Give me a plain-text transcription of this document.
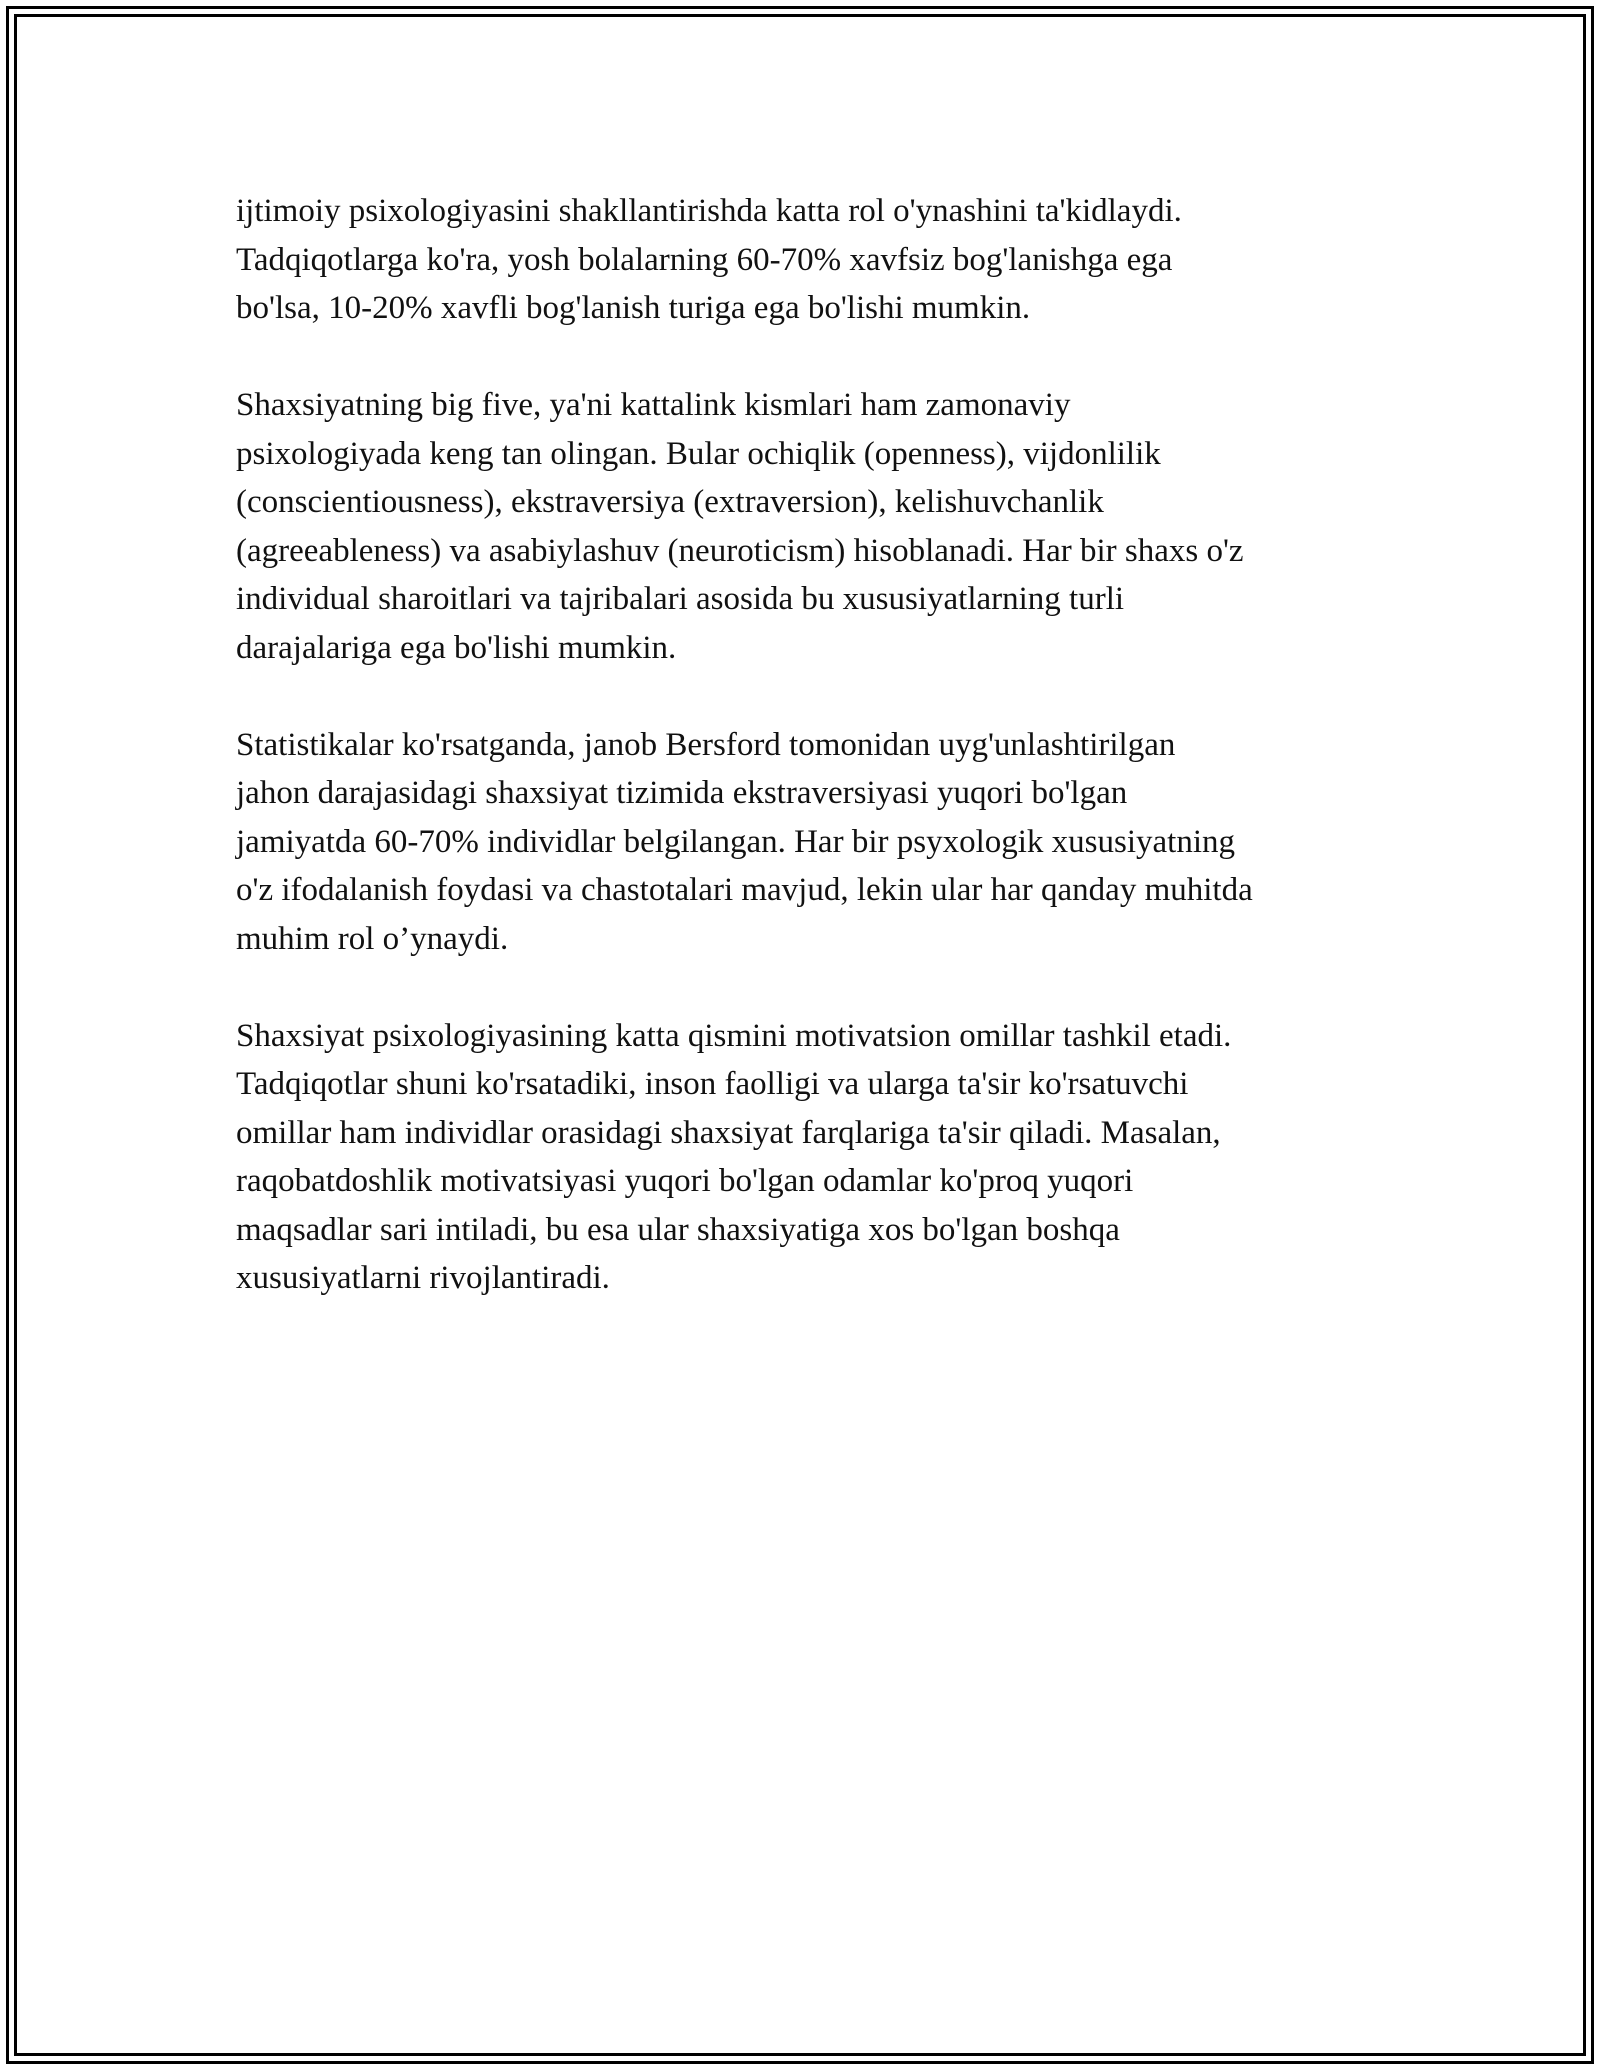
ijtimoiy psixologiyasini shakllantirishda katta rol o'ynashini ta'kidlaydi.
Tadqiqotlarga ko'ra, yosh bolalarning 60-70% xavfsiz bog'lanishga ega
bo'lsa, 10-20% xavfli bog'lanish turiga ega bo'lishi mumkin.

Shaxsiyatning big five, ya'ni kattalink kismlari ham zamonaviy
psixologiyada keng tan olingan. Bular ochiqlik (openness), vijdonlilik
(conscientiousness), ekstraversiya (extraversion), kelishuvchanlik
(agreeableness) va asabiylashuv (neuroticism) hisoblanadi. Har bir shaxs o'z
individual sharoitlari va tajribalari asosida bu xususiyatlarning turli
darajalariga ega bo'lishi mumkin.

Statistikalar ko'rsatganda, janob Bersford tomonidan uyg'unlashtirilgan
jahon darajasidagi shaxsiyat tizimida ekstraversiyasi yuqori bo'lgan
jamiyatda 60-70% individlar belgilangan. Har bir psyxologik xususiyatning
o'z ifodalanish foydasi va chastotalari mavjud, lekin ular har qanday muhitda
muhim rol o’ynaydi.

Shaxsiyat psixologiyasining katta qismini motivatsion omillar tashkil etadi.
Tadqiqotlar shuni ko'rsatadiki, inson faolligi va ularga ta'sir ko'rsatuvchi
omillar ham individlar orasidagi shaxsiyat farqlariga ta'sir qiladi. Masalan,
raqobatdoshlik motivatsiyasi yuqori bo'lgan odamlar ko'proq yuqori
maqsadlar sari intiladi, bu esa ular shaxsiyatiga xos bo'lgan boshqa
xususiyatlarni rivojlantiradi.
